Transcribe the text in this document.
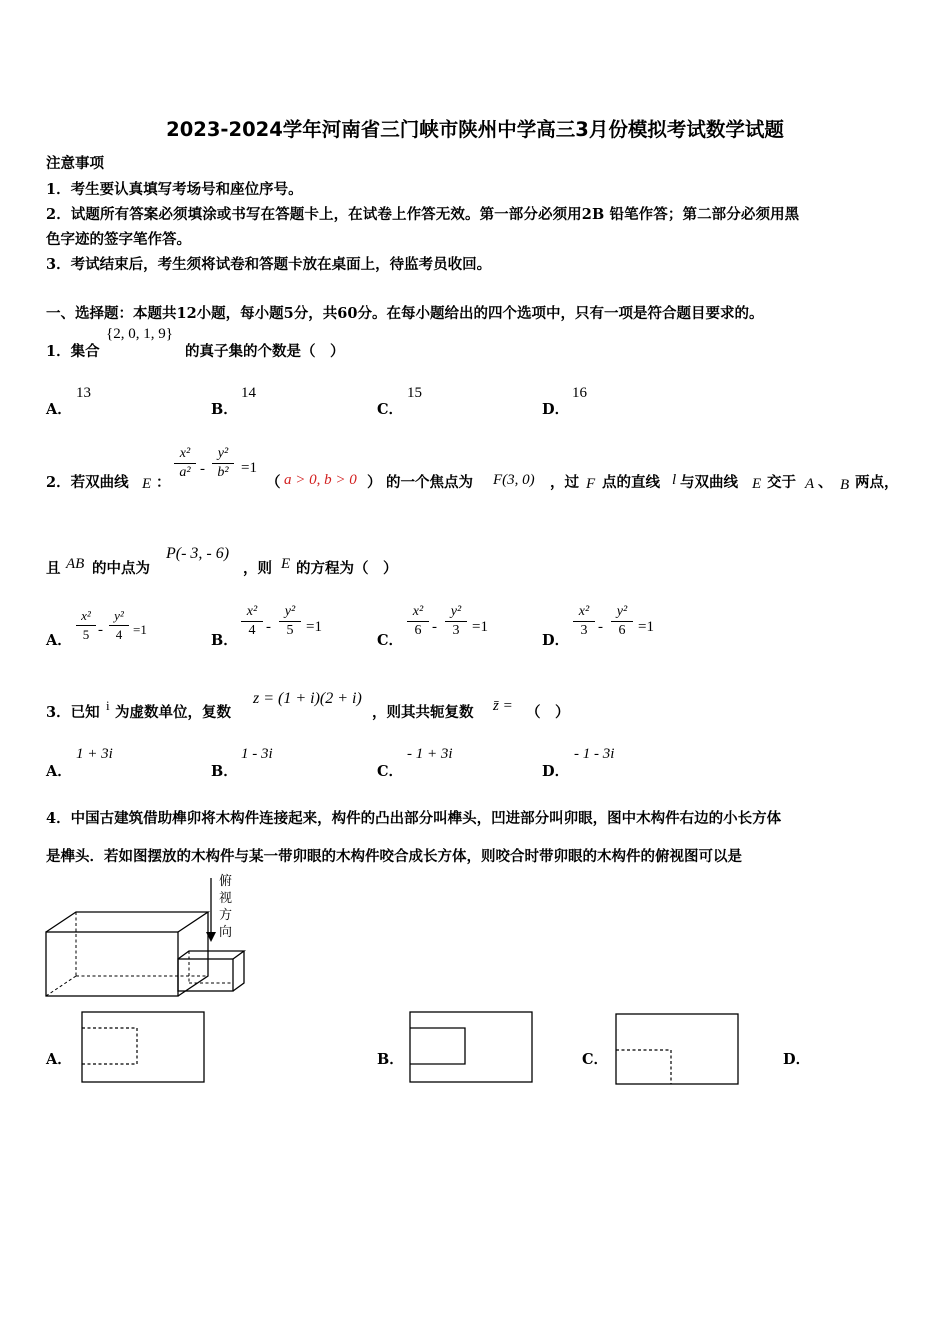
2023-2024学年河南省三门峡市陕州中学高三3月份模拟考试数学试题
注意事项
1．考生要认真填写考场号和座位序号。
2．试题所有答案必须填涂或书写在答题卡上，在试卷上作答无效。第一部分必须用2B 铅笔作答；第二部分必须用黑
色字迹的签字笔作答。
3．考试结束后，考生须将试卷和答题卡放在桌面上，待监考员收回。
一、选择题：本题共12小题，每小题5分，共60分。在每小题给出的四个选项中，只有一项是符合题目要求的。
1．集合
{2, 0, 1, 9}
的真子集的个数是（　）
A．
13
B．
14
C．
15
D．
16
2．若双曲线 E ：
x²
a² -
y²
b² =1
（ a > 0, b > 0 ） 的一个焦点为 F(3, 0) ，过 F 点的直线 l 与双曲线 E 交于 A 、 B 两点，
且 AB 的中点为
P(- 3, - 6)
，则 E 的方程为（　）
A．
x²
5 -
y²
4 =1
B．
x²
4 -
y²
5 =1
C．
x²
6 -
y²
3 =1
D．
x²
3 -
y²
6 =1
3．已知 i 为虚数单位，复数
z = (1 + i)(2 + i)
，则其共轭复数 z̄ = （　）
A．
1 + 3i
B．
1 - 3i
C．
- 1 + 3i
D．
- 1 - 3i
4．中国古建筑借助榫卯将木构件连接起来，构件的凸出部分叫榫头，凹进部分叫卯眼，图中木构件右边的小长方体
是榫头．若如图摆放的木构件与某一带卯眼的木构件咬合成长方体，则咬合时带卯眼的木构件的俯视图可以是
俯
视
方
向
A．	B．	C．	D．
